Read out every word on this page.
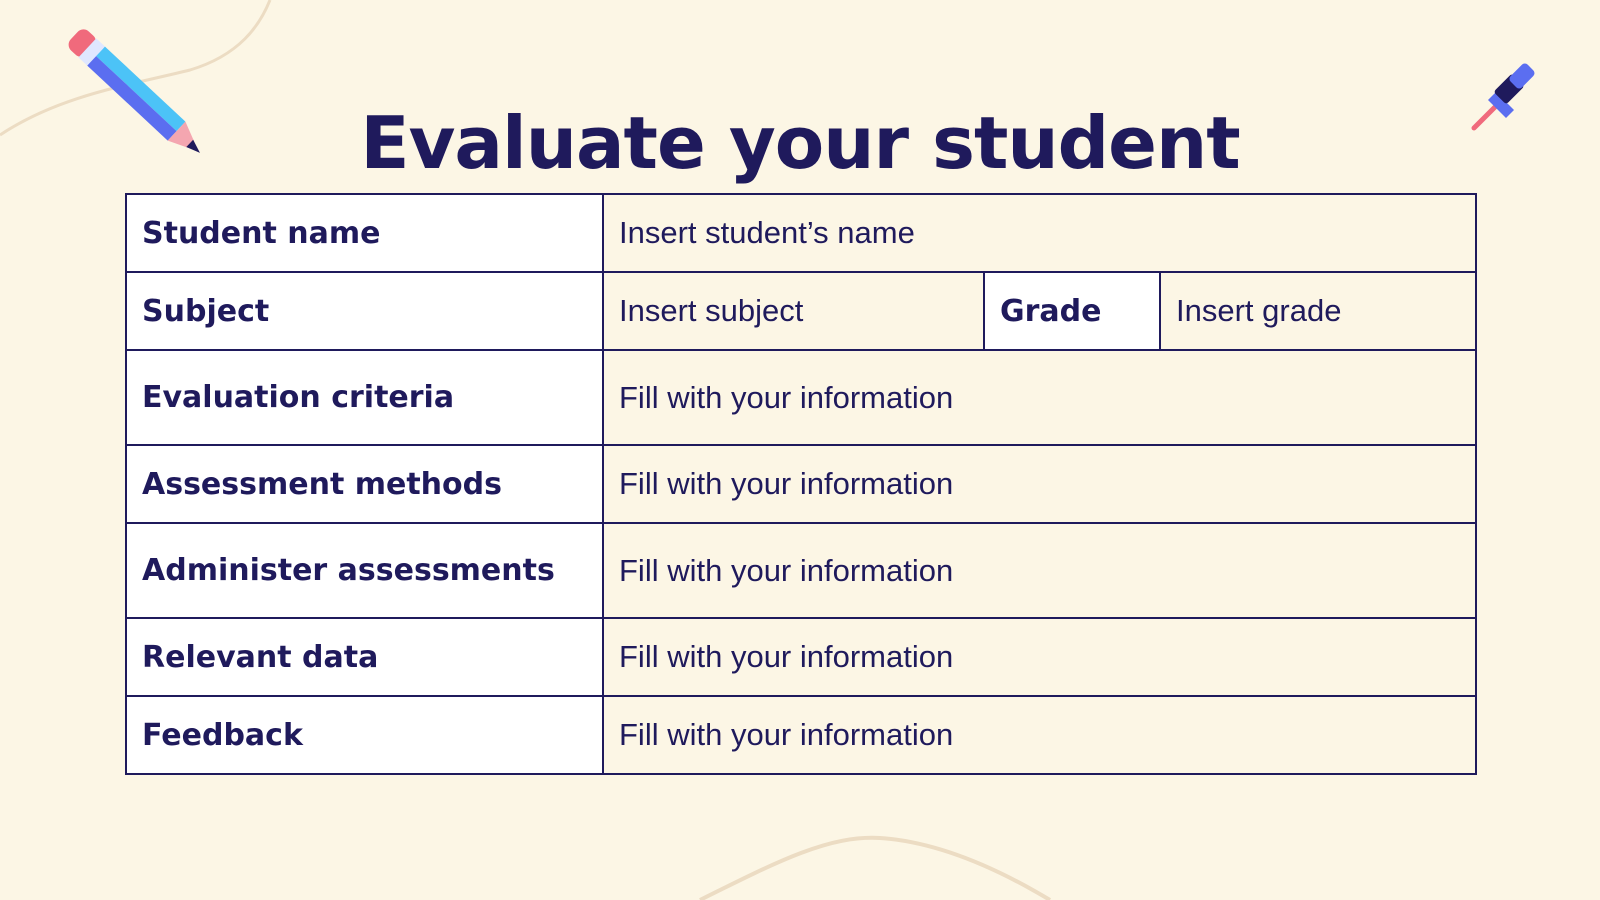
Evaluate your student
Student name	Insert student’s name		
Subject	Insert subject	Grade	Insert grade
Evaluation criteria	Fill with your information		
Assessment methods	Fill with your information		
Administer assessments	Fill with your information		
Relevant data	Fill with your information		
Feedback	Fill with your information		
